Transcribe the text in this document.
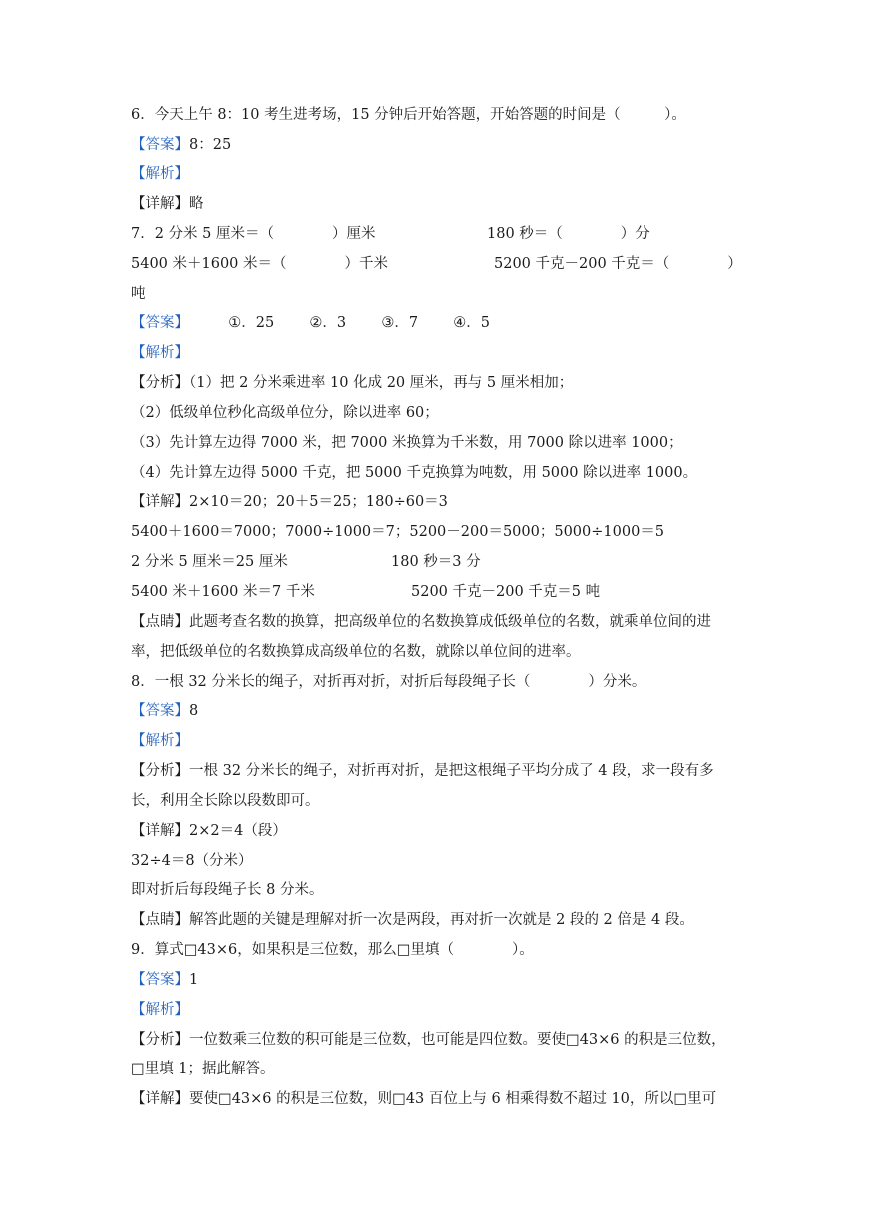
6．今天上午 8：10 考生进考场，15 分钟后开始答题，开始答题的时间是（　　　）。
【答案】8：25
【解析】
【详解】略
7．2 分米 5 厘米＝（　　　　）厘米	180 秒＝（　　　　）分
5400 米＋1600 米＝（　　　　）千米	5200 千克－200 千克＝（　　　　）
吨
【答案】	①．25 ②．3 ③．7 ④．5
【解析】
【分析】（1）把 2 分米乘进率 10 化成 20 厘米，再与 5 厘米相加；
（2）低级单位秒化高级单位分，除以进率 60；
（3）先计算左边得 7000 米，把 7000 米换算为千米数，用 7000 除以进率 1000；
（4）先计算左边得 5000 千克，把 5000 千克换算为吨数，用 5000 除以进率 1000。
【详解】2×10＝20；20＋5＝25；180÷60＝3
5400＋1600＝7000；7000÷1000＝7；5200－200＝5000；5000÷1000＝5
2 分米 5 厘米＝25 厘米	180 秒＝3 分
5400 米＋1600 米＝7 千米	5200 千克－200 千克＝5 吨
【点睛】此题考查名数的换算，把高级单位的名数换算成低级单位的名数，就乘单位间的进
率，把低级单位的名数换算成高级单位的名数，就除以单位间的进率。
8．一根 32 分米长的绳子，对折再对折，对折后每段绳子长（　　　　）分米。
【答案】8
【解析】
【分析】一根 32 分米长的绳子，对折再对折，是把这根绳子平均分成了 4 段，求一段有多
长，利用全长除以段数即可。
【详解】2×2＝4（段）
32÷4＝8（分米）
即对折后每段绳子长 8 分米。
【点睛】解答此题的关键是理解对折一次是两段，再对折一次就是 2 段的 2 倍是 4 段。
9．算式□43×6，如果积是三位数，那么□里填（　　　　）。
【答案】1
【解析】
【分析】一位数乘三位数的积可能是三位数，也可能是四位数。要使□43×6 的积是三位数，
□里填 1；据此解答。
【详解】要使□43×6 的积是三位数，则□43 百位上与 6 相乘得数不超过 10，所以□里可
